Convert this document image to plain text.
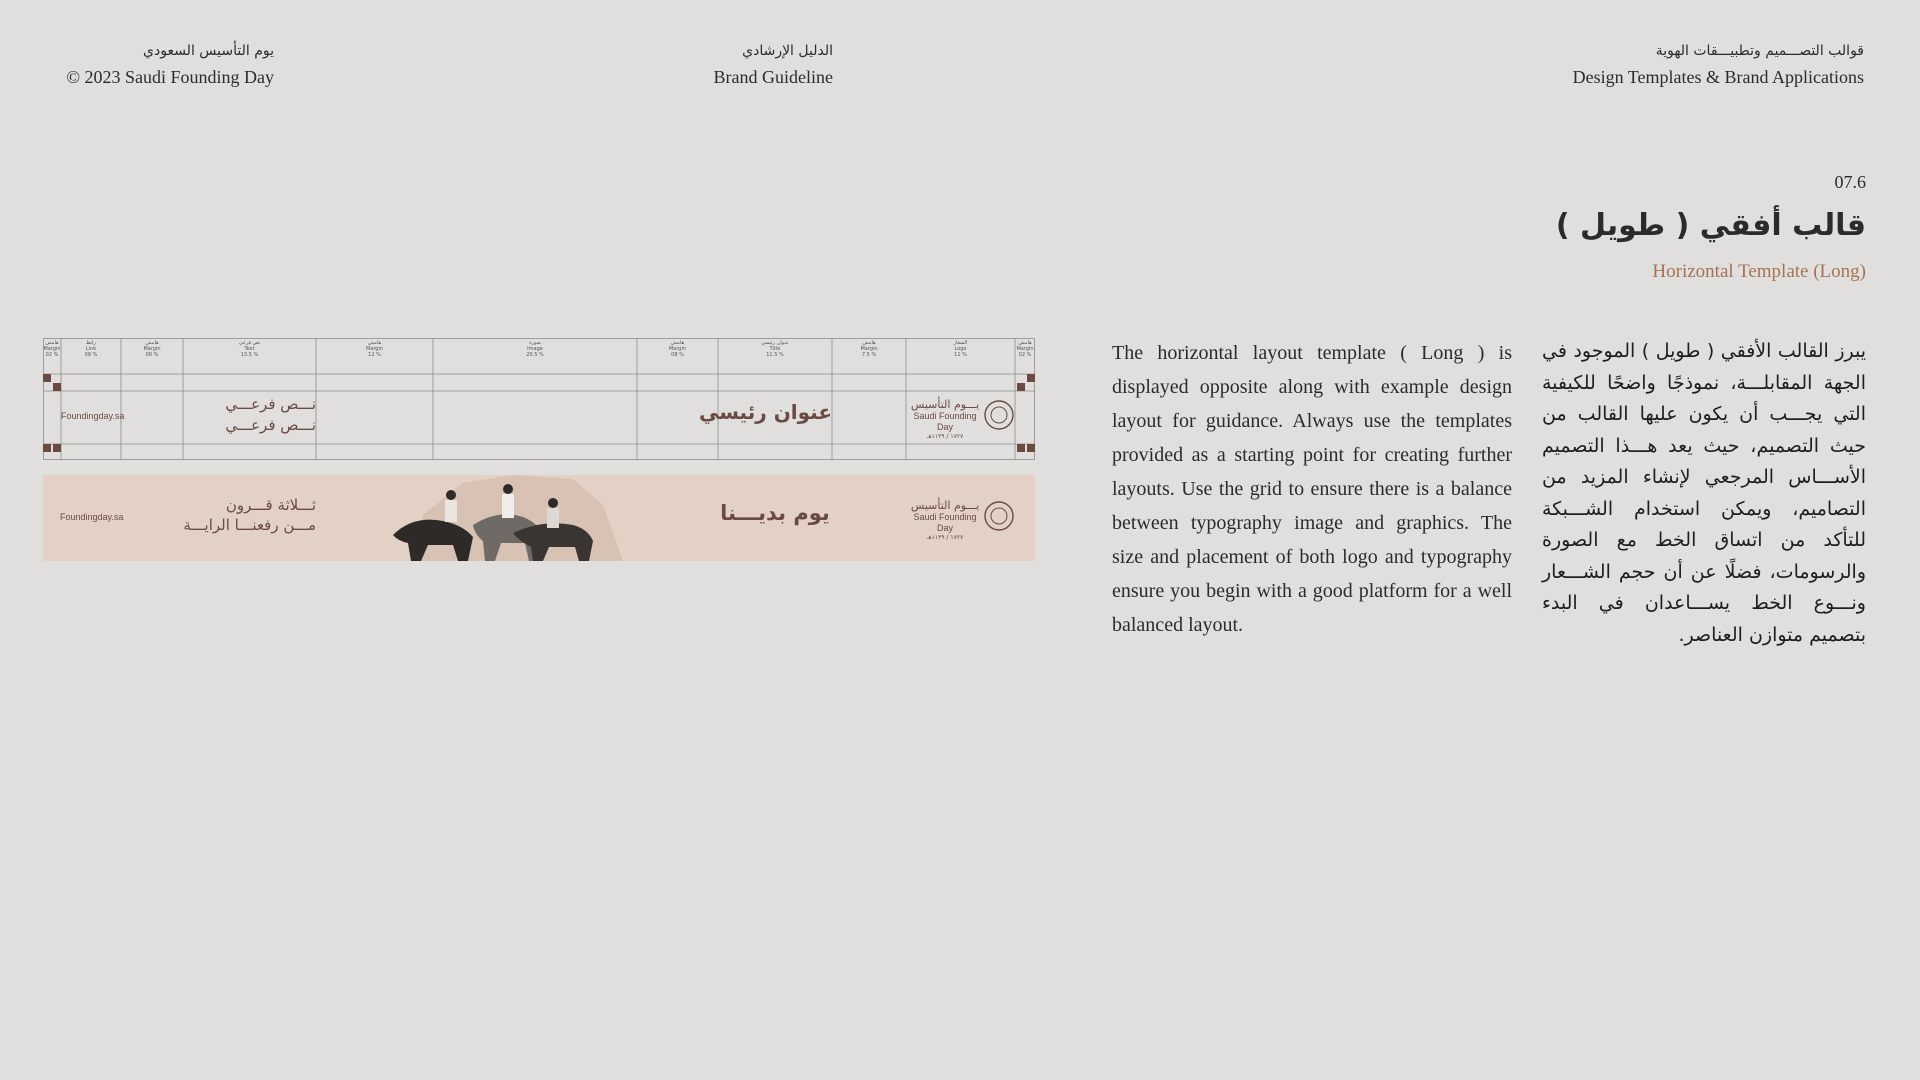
يوم التأسيس السعودي
© 2023 Saudi Founding Day
الدليل الإرشادي
Brand Guideline
قوالب التصـــميم وتطبيـــقات الهوية
Design Templates & Brand Applications
07.6
قالب أفقي ( طويل )
Horizontal Template (Long)
The horizontal layout template ( Long ) is displayed opposite along with example design layout for guidance. Always use the templates provided as a starting point for creating further layouts. Use the grid to ensure there is a balance between typography image and graphics. The size and placement of both logo and typography ensure you begin with a good platform for a well balanced layout.
يبرز القالب الأفقي ( طويل ) الموجود في الجهة المقابلـــة، نموذجًا واضحًا للكيفية التي يجـــب أن يكون عليها القالب من حيث التصميم، حيث يعد هـــذا التصميم الأســـاس المرجعي لإنشاء المزيد من التصاميم، ويمكن استخدام الشـــبكة للتأكد من اتساق الخط مع الصورة والرسومات، فضلًا عن أن حجم الشـــعار ونـــوع الخط يســـاعدان في البدء بتصميم متوازن العناصر.
هامش
Margin
02 %
رابط
Link
08 %
هامش
Margin
06 %
نص فرعي
Text
13.5 %
هامش
Margin
12 %
صورة
Image
20.5 %
هامش
Margin
08 %
عنوان رئيسي
Title
11.5 %
هامش
Margin
7.5 %
الشعار
Logo
11 %
هامش
Margin
02 %
Foundingday.sa
نـــص فرعـــي
نـــص فرعـــي
عنوان رئيسي	يـــوم التأسيس
Saudi Founding Day
١٧٢٧ / ١١٣٩هـ
Foundingday.sa
ثـــلاثة قـــرون
مـــن رفعنـــا الرايـــة	يوم بديـــنا	يـــوم التأسيس
Saudi Founding Day
١٧٢٧ / ١١٣٩هـ
